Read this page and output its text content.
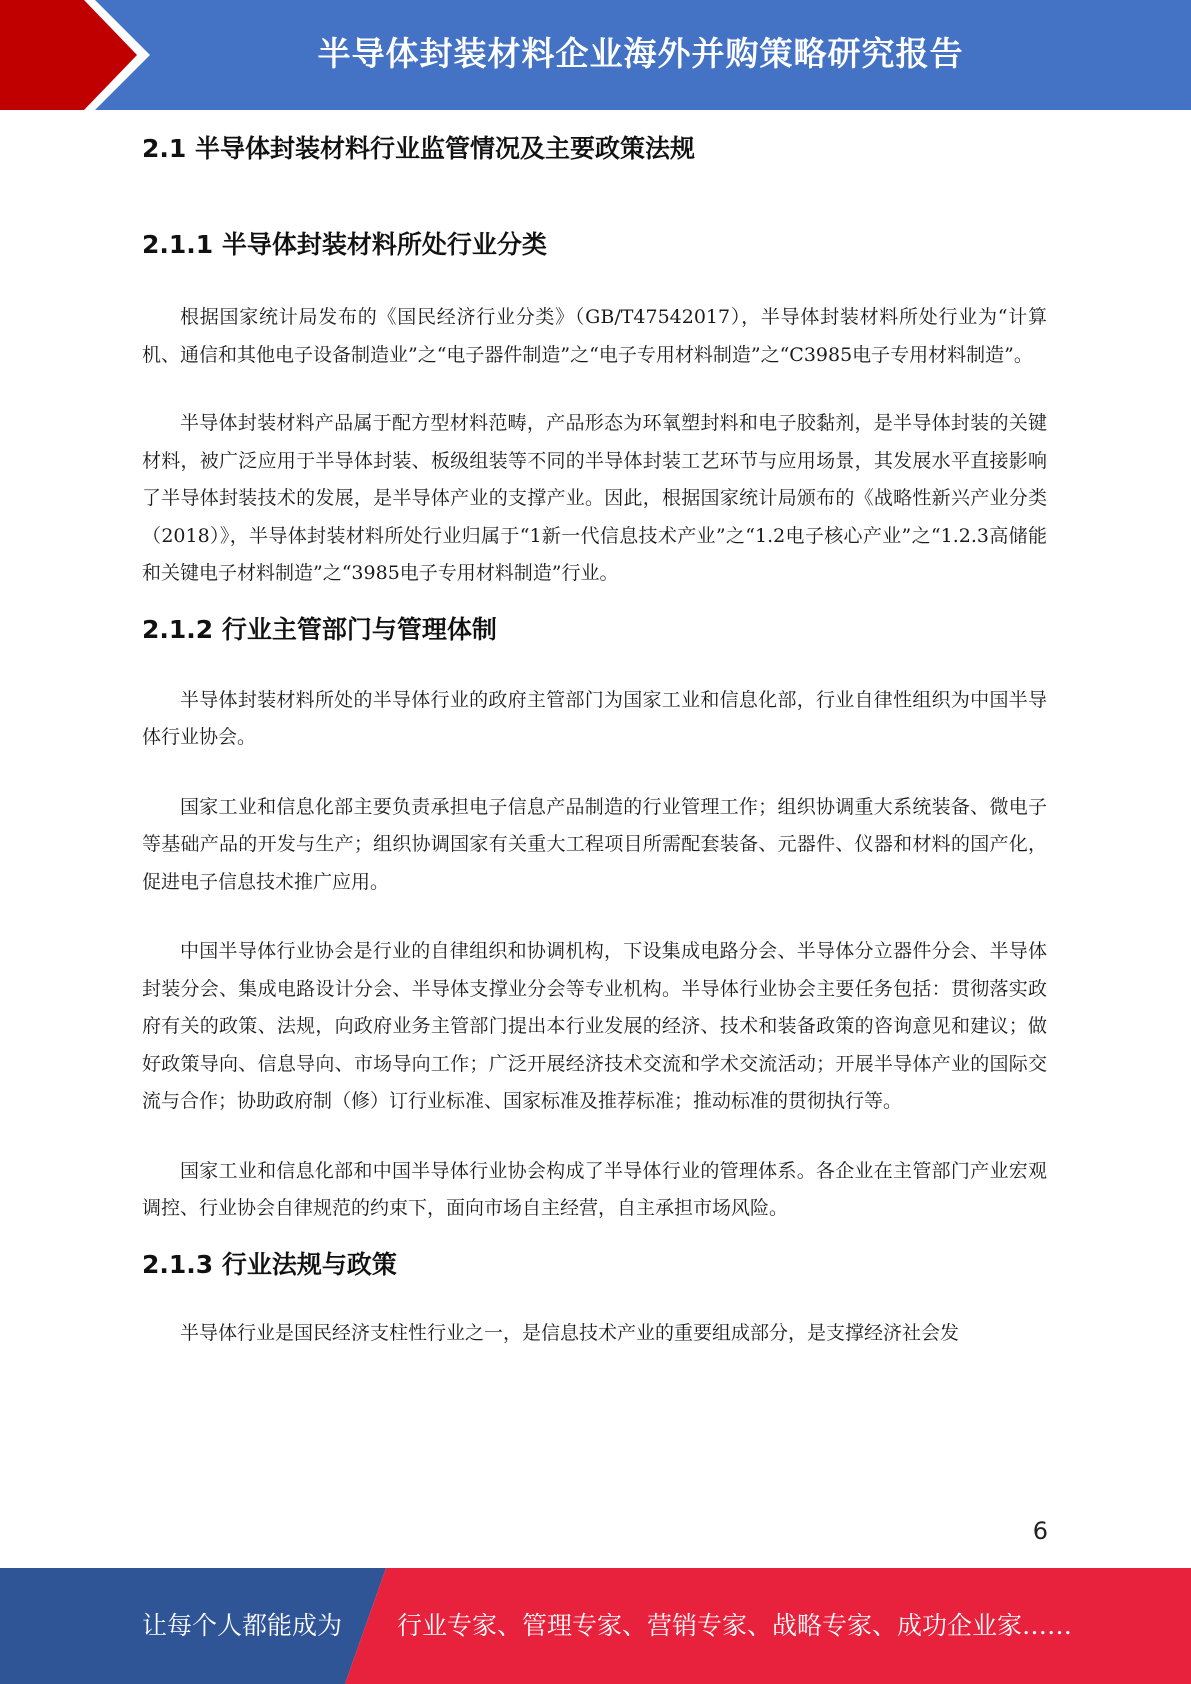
半导体封装材料企业海外并购策略研究报告
2.1 半导体封装材料行业监管情况及主要政策法规
2.1.1 半导体封装材料所处行业分类

根据国家统计局发布的《国民经济行业分类》（GB/T47542017），半导体封装材料所处行业为“计算机、通信和其他电子设备制造业”之“电子器件制造”之“电子专用材料制造”之“C3985电子专用材料制造”。

半导体封装材料产品属于配方型材料范畴，产品形态为环氧塑封料和电子胶黏剂，是半导体封装的关键材料，被广泛应用于半导体封装、板级组装等不同的半导体封装工艺环节与应用场景，其发展水平直接影响了半导体封装技术的发展，是半导体产业的支撑产业。因此，根据国家统计局颁布的《战略性新兴产业分类（2018）》，半导体封装材料所处行业归属于“1新一代信息技术产业”之“1.2电子核心产业”之“1.2.3高储能和关键电子材料制造”之“3985电子专用材料制造”行业。

2.1.2 行业主管部门与管理体制

半导体封装材料所处的半导体行业的政府主管部门为国家工业和信息化部，行业自律性组织为中国半导体行业协会。

国家工业和信息化部主要负责承担电子信息产品制造的行业管理工作；组织协调重大系统装备、微电子等基础产品的开发与生产；组织协调国家有关重大工程项目所需配套装备、元器件、仪器和材料的国产化，促进电子信息技术推广应用。

中国半导体行业协会是行业的自律组织和协调机构，下设集成电路分会、半导体分立器件分会、半导体封装分会、集成电路设计分会、半导体支撑业分会等专业机构。半导体行业协会主要任务包括：贯彻落实政府有关的政策、法规，向政府业务主管部门提出本行业发展的经济、技术和装备政策的咨询意见和建议；做好政策导向、信息导向、市场导向工作；广泛开展经济技术交流和学术交流活动；开展半导体产业的国际交流与合作；协助政府制（修）订行业标准、国家标准及推荐标准；推动标准的贯彻执行等。

国家工业和信息化部和中国半导体行业协会构成了半导体行业的管理体系。各企业在主管部门产业宏观调控、行业协会自律规范的约束下，面向市场自主经营，自主承担市场风险。

2.1.3 行业法规与政策

半导体行业是国民经济支柱性行业之一，是信息技术产业的重要组成部分，是支撑经济社会发

6
让每个人都能成为 行业专家、管理专家、营销专家、战略专家、成功企业家……
